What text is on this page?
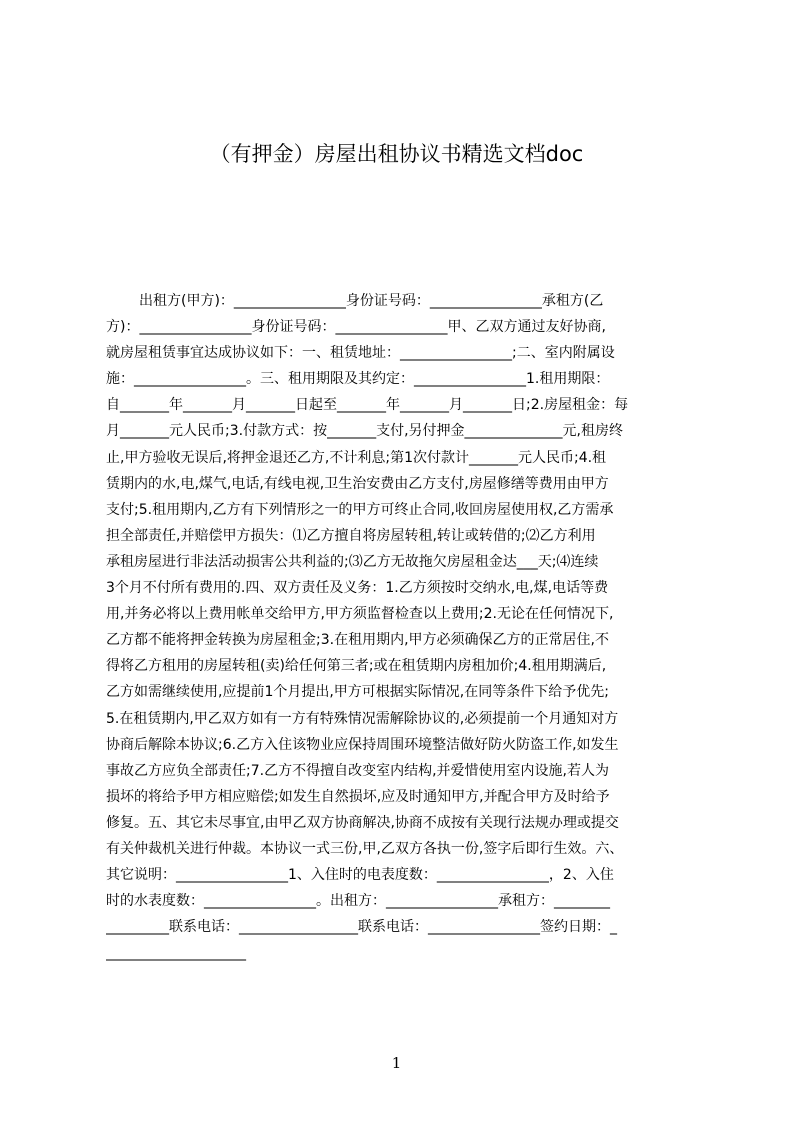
（有押金）房屋出租协议书精选文档doc
出租方(甲方)：________________身份证号码：________________承租方(乙
方)：________________身份证号码：________________甲、乙双方通过友好协商,
就房屋租赁事宜达成协议如下：一、租赁地址：________________;二、室内附属设
施：________________。三、租用期限及其约定：________________1.租用期限：
自_______年_______月_______日起至_______年_______月_______日;2.房屋租金：每
月_______元人民币;3.付款方式：按_______支付,另付押金______________元,租房终
止,甲方验收无误后,将押金退还乙方,不计利息;第1次付款计_______元人民币;4.租
赁期内的水,电,煤气,电话,有线电视,卫生治安费由乙方支付,房屋修缮等费用由甲方
支付;5.租用期内,乙方有下列情形之一的甲方可终止合同,收回房屋使用权,乙方需承
担全部责任,并赔偿甲方损失：⑴乙方擅自将房屋转租,转让或转借的;⑵乙方利用
承租房屋进行非法活动损害公共利益的;⑶乙方无故拖欠房屋租金达___天;⑷连续
3个月不付所有费用的.四、双方责任及义务：1.乙方须按时交纳水,电,煤,电话等费
用,并务必将以上费用帐单交给甲方,甲方须监督检查以上费用;2.无论在任何情况下,
乙方都不能将押金转换为房屋租金;3.在租用期内,甲方必须确保乙方的正常居住,不
得将乙方租用的房屋转租(卖)给任何第三者;或在租赁期内房租加价;4.租用期满后,
乙方如需继续使用,应提前1个月提出,甲方可根据实际情况,在同等条件下给予优先;
5.在租赁期内,甲乙双方如有一方有特殊情况需解除协议的,必须提前一个月通知对方
协商后解除本协议;6.乙方入住该物业应保持周围环境整洁做好防火防盗工作,如发生
事故乙方应负全部责任;7.乙方不得擅自改变室内结构,并爱惜使用室内设施,若人为
损坏的将给予甲方相应赔偿;如发生自然损坏,应及时通知甲方,并配合甲方及时给予
修复。五、其它未尽事宜,由甲乙双方协商解决,协商不成按有关现行法规办理或提交
有关仲裁机关进行仲裁。本协议一式三份,甲,乙双方各执一份,签字后即行生效。六、
其它说明：________________1、入住时的电表度数：________________，2、入住
时的水表度数：________________。出租方：________________承租方：________
_________联系电话：_________________联系电话：________________签约日期：_
____________________
1
